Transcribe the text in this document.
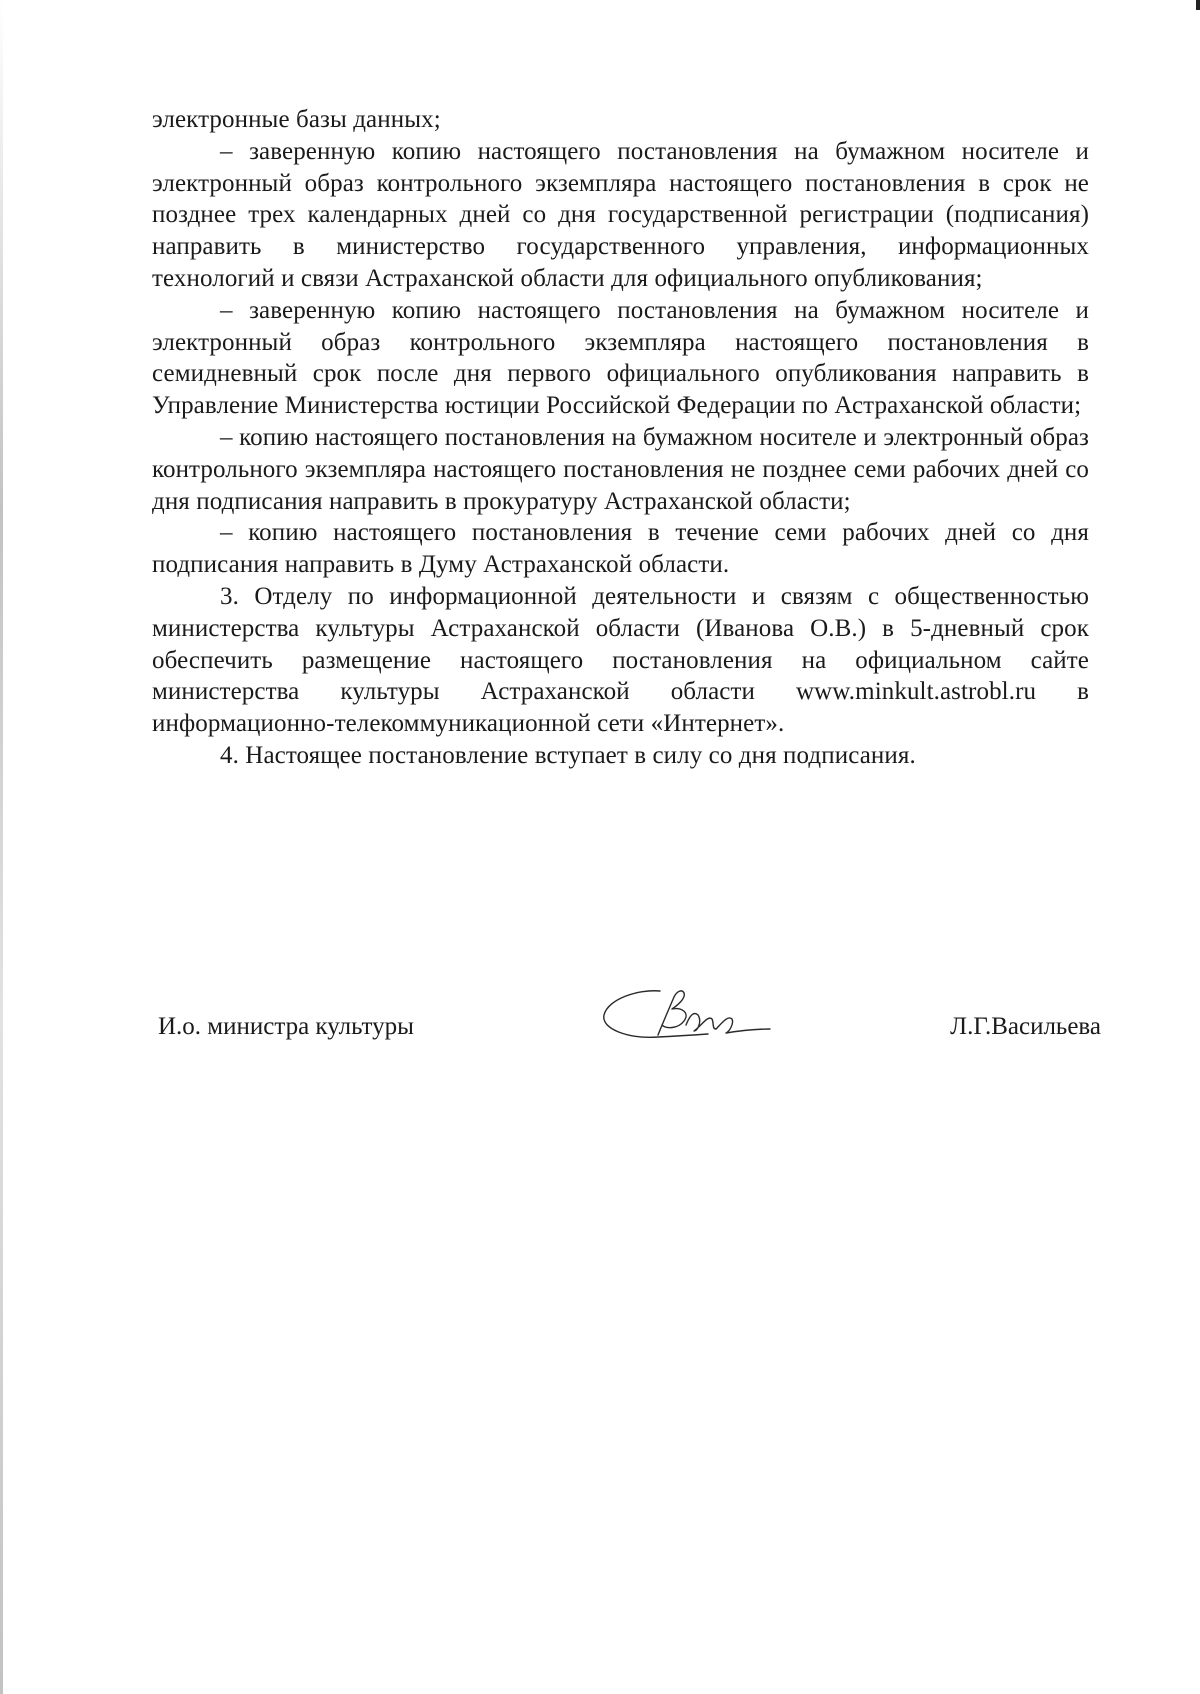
электронные базы данных;

– заверенную копию настоящего постановления на бумажном носителе и электронный образ контрольного экземпляра настоящего постановления в срок не позднее трех календарных дней со дня государственной регистрации (подписания) направить в министерство государственного управления, информационных технологий и связи Астраханской области для официального опубликования;

– заверенную копию настоящего постановления на бумажном носителе и электронный образ контрольного экземпляра настоящего постановления в семидневный срок после дня первого официального опубликования направить в Управление Министерства юстиции Российской Федерации по Астраханской области;

– копию настоящего постановления на бумажном носителе и электронный образ контрольного экземпляра настоящего постановления не позднее семи рабочих дней со дня подписания направить в прокуратуру Астраханской области;

– копию настоящего постановления в течение семи рабочих дней со дня подписания направить в Думу Астраханской области.

3. Отделу по информационной деятельности и связям с общественностью министерства культуры Астраханской области (Иванова О.В.) в 5-дневный срок обеспечить размещение настоящего постановления на официальном сайте министерства культуры Астраханской области www.minkult.astrobl.ru в информационно-телекоммуникационной сети «Интернет».

4. Настоящее постановление вступает в силу со дня подписания.

И.о. министра культуры	Л.Г.Васильева
